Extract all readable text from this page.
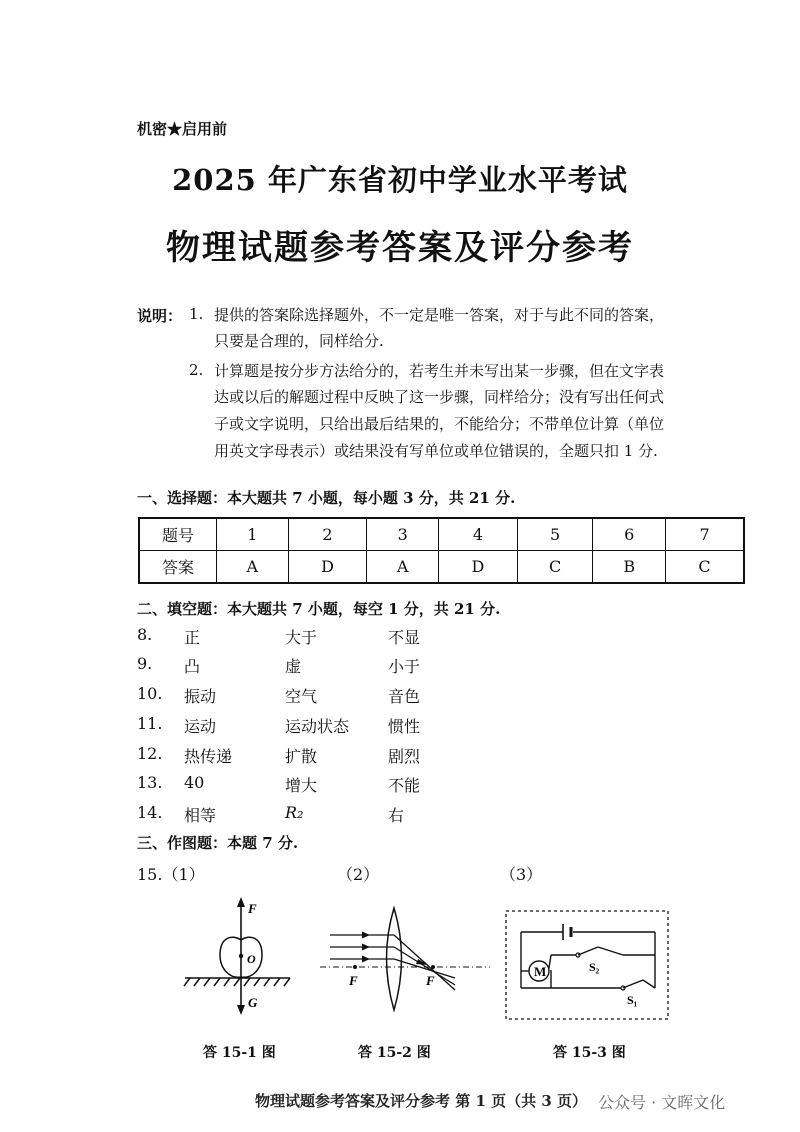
机密★启用前
2025 年广东省初中学业水平考试
物理试题参考答案及评分参考
说明： 1. 提供的答案除选择题外，不一定是唯一答案，对于与此不同的答案，
只要是合理的，同样给分.
2. 计算题是按分步方法给分的，若考生并未写出某一步骤，但在文字表
达或以后的解题过程中反映了这一步骤，同样给分；没有写出任何式
子或文字说明，只给出最后结果的，不能给分；不带单位计算（单位
用英文字母表示）或结果没有写单位或单位错误的，全题只扣 1 分.
一、选择题：本大题共 7 小题，每小题 3 分，共 21 分.
题号	1	2	3	4	5	6	7
答案	A	D	A	D	C	B	C
二、填空题：本大题共 7 小题，每空 1 分，共 21 分.
8. 正	大于	不显
9. 凸	虚	小于
10. 振动	空气	音色
11. 运动	运动状态 惯性
12. 热传递	扩散	剧烈
13. 40	增大	不能
14. 相等	R₂	右
三、作图题：本题 7 分.
15.（1）	（2）	（3）
F
G
O
F	F
M	S₂
S₁
答 15-1 图	答 15-2 图	答 15-3 图
物理试题参考答案及评分参考 第 1 页（共 3 页） 公众号 · 文晖文化
